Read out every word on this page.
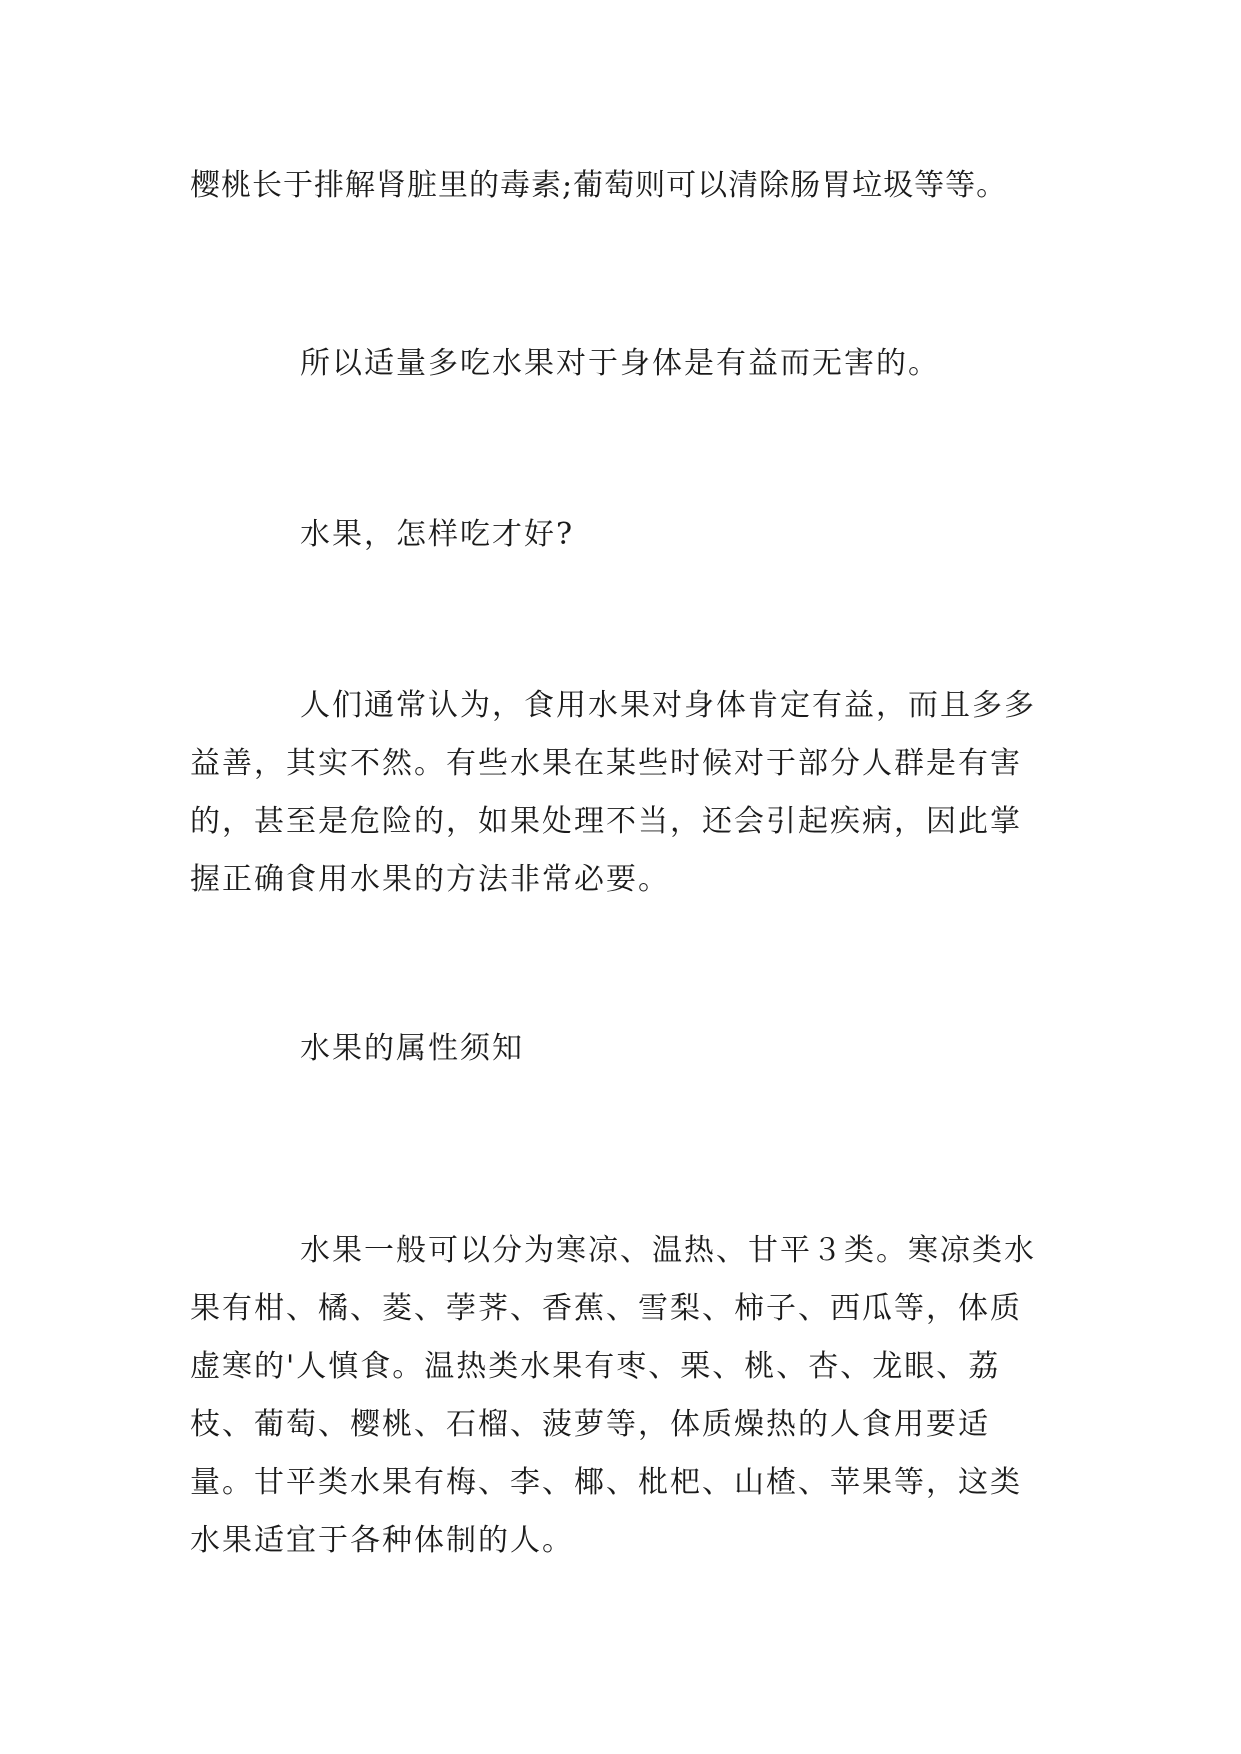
樱桃长于排解肾脏里的毒素;葡萄则可以清除肠胃垃圾等等。

所以适量多吃水果对于身体是有益而无害的。

水果，怎样吃才好?

人们通常认为，食用水果对身体肯定有益，而且多多益善，其实不然。有些水果在某些时候对于部分人群是有害的，甚至是危险的，如果处理不当，还会引起疾病，因此掌握正确食用水果的方法非常必要。

水果的属性须知

水果一般可以分为寒凉、温热、甘平３类。寒凉类水果有柑、橘、菱、荸荠、香蕉、雪梨、柿子、西瓜等，体质虚寒的'人慎食。温热类水果有枣、栗、桃、杏、龙眼、荔枝、葡萄、樱桃、石榴、菠萝等，体质燥热的人食用要适量。甘平类水果有梅、李、椰、枇杷、山楂、苹果等，这类水果适宜于各种体制的人。
